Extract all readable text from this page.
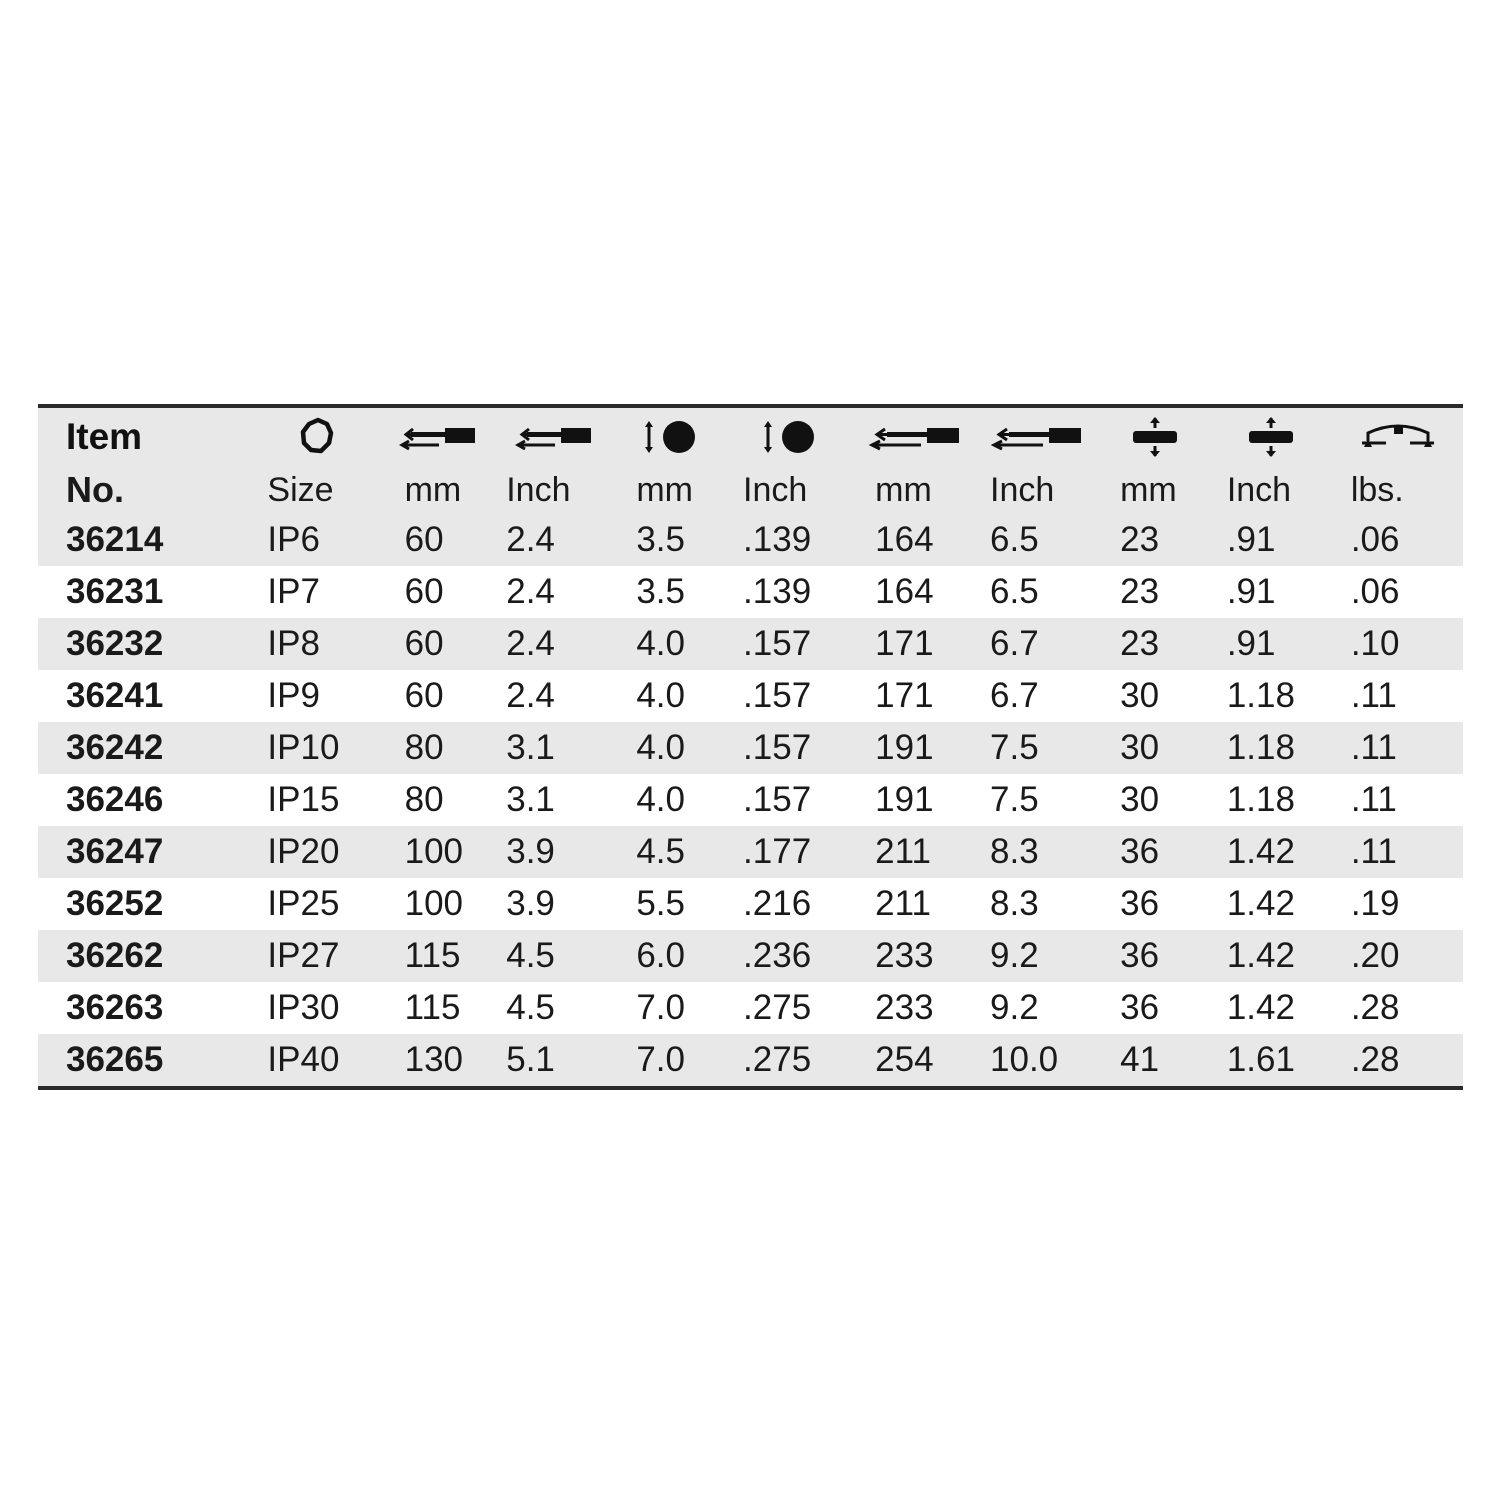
Item	

No.	Size	mm	Inch	mm	Inch	mm	Inch	mm	Inch	lbs.
36214	IP6	60	2.4	3.5	.139	164	6.5	23	.91	.06
36231	IP7	60	2.4	3.5	.139	164	6.5	23	.91	.06
36232	IP8	60	2.4	4.0	.157	171	6.7	23	.91	.10
36241	IP9	60	2.4	4.0	.157	171	6.7	30	1.18	.11
36242	IP10	80	3.1	4.0	.157	191	7.5	30	1.18	.11
36246	IP15	80	3.1	4.0	.157	191	7.5	30	1.18	.11
36247	IP20	100	3.9	4.5	.177	211	8.3	36	1.42	.11
36252	IP25	100	3.9	5.5	.216	211	8.3	36	1.42	.19
36262	IP27	115	4.5	6.0	.236	233	9.2	36	1.42	.20
36263	IP30	115	4.5	7.0	.275	233	9.2	36	1.42	.28
36265	IP40	130	5.1	7.0	.275	254	10.0	41	1.61	.28
